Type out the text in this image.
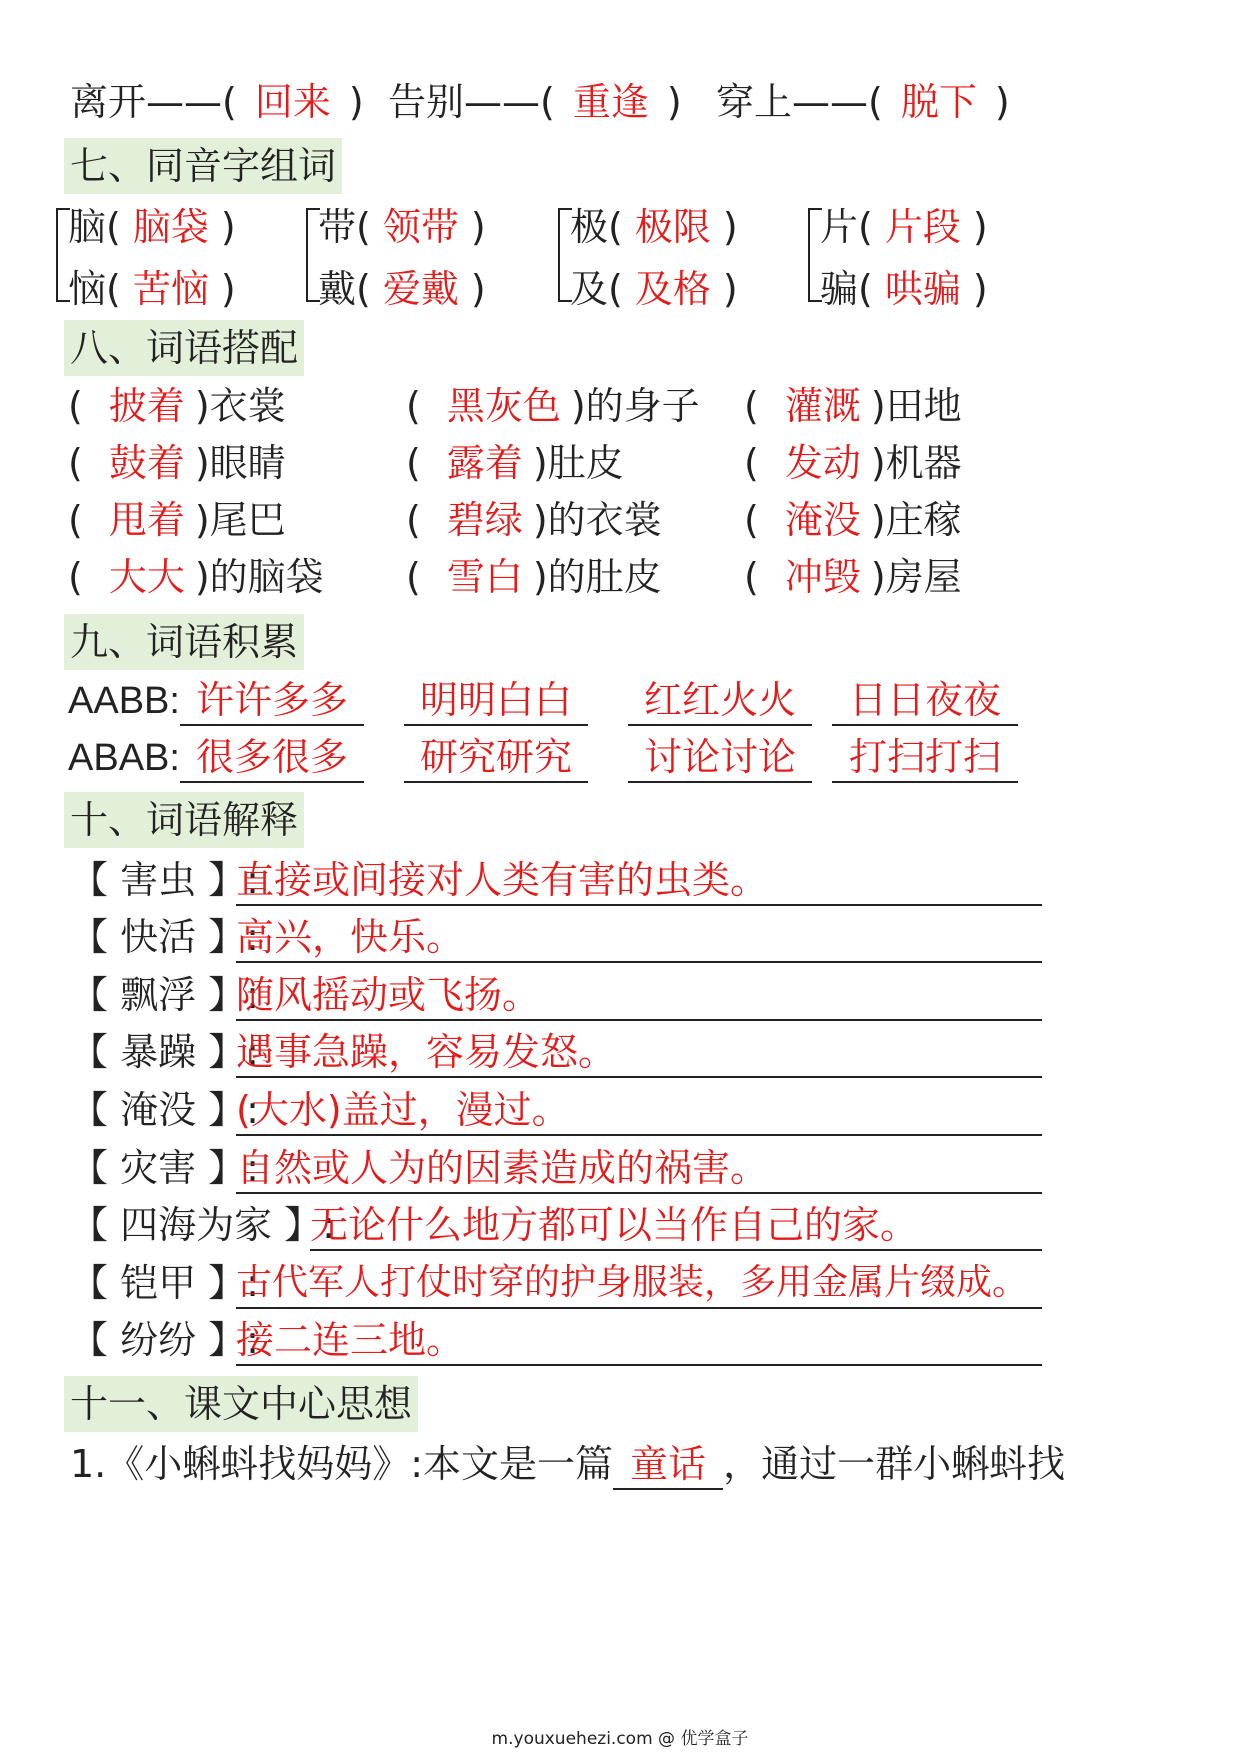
离开——( 回来 ) 告别——( 重逢 ) 穿上——( 脱下 )
七、同音字组词
脑 ( 脑袋 )
恼 ( 苦恼 )
带 ( 领带 )
戴 ( 爱戴 )
极 ( 极限 )
及 ( 及格 )
片 ( 片段 )
骗 ( 哄骗 )
八、词语搭配
( 披着 )衣裳	( 黑灰色 )的身子 ( 灌溉 )田地
( 鼓着 )眼睛	( 露着 )肚皮	( 发动 )机器
( 甩着 )尾巴	( 碧绿 )的衣裳 ( 淹没 )庄稼
( 大大 )的脑袋 ( 雪白 )的肚皮 ( 冲毁 )房屋
九、词语积累
AABB: 许许多多 明明白白 红红火火 日日夜夜
ABAB: 很多很多 研究研究 讨论讨论 打扫打扫
十、词语解释
【 害虫 】:
直接或间接对人类有害的虫类。
【 快活 】:
高兴，快乐。
【 飘浮 】:
随风摇动或飞扬。
【 暴躁 】:
遇事急躁，容易发怒。
【 淹没 】:
(大水)盖过，漫过。
【 灾害 】:
自然或人为的因素造成的祸害。
【 四海为家 】:
无论什么地方都可以当作自己的家。
【 铠甲 】:
古代军人打仗时穿的护身服装，多用金属片缀成。
【 纷纷 】:
接二连三地。
十一、课文中心思想
1.《小蝌蚪找妈妈》:本文是一篇 童话 ，通过一群小蝌蚪找
m.youxuehezi.com @ 优学盒子
